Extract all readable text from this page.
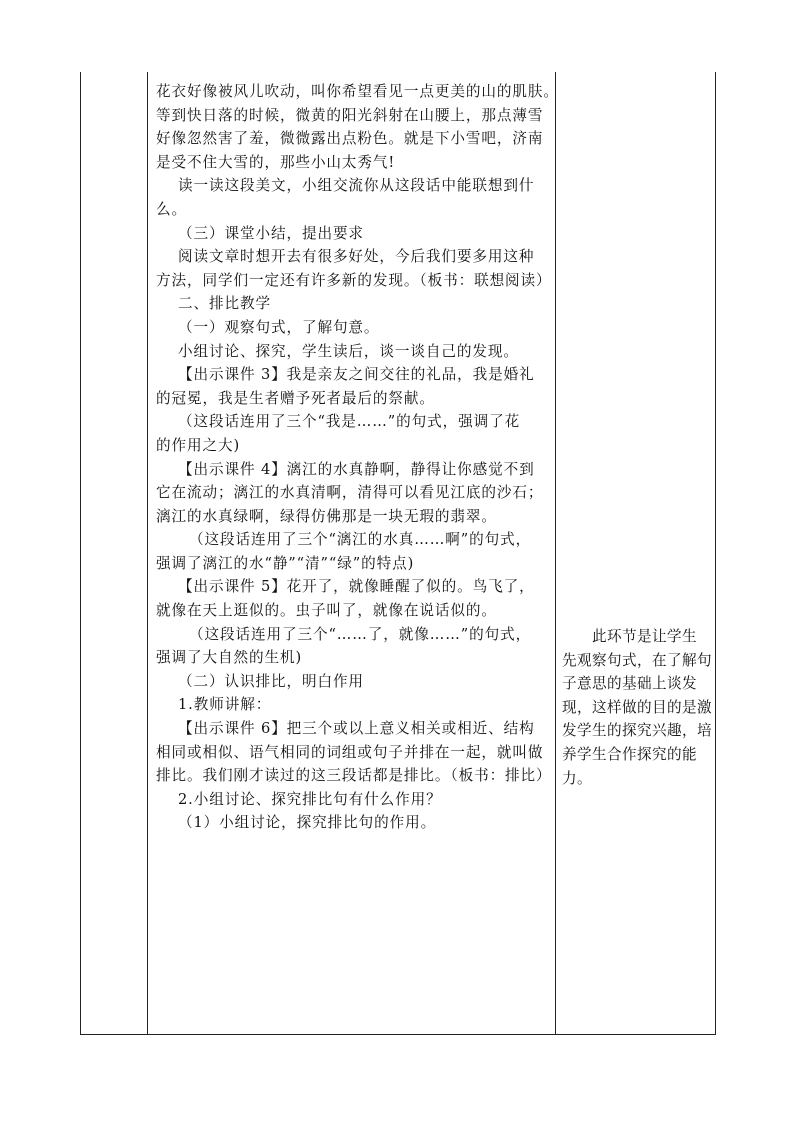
花衣好像被风儿吹动，叫你希望看见一点更美的山的肌肤。
等到快日落的时候，微黄的阳光斜射在山腰上，那点薄雪
好像忽然害了羞，微微露出点粉色。就是下小雪吧，济南
是受不住大雪的，那些小山太秀气!
读一读这段美文，小组交流你从这段话中能联想到什
么。
（三）课堂小结，提出要求
阅读文章时想开去有很多好处，今后我们要多用这种
方法，同学们一定还有许多新的发现。（板书：联想阅读）
二、排比教学
（一）观察句式，了解句意。
小组讨论、探究，学生读后，谈一谈自己的发现。
【出示课件 3】我是亲友之间交往的礼品，我是婚礼
的冠冕，我是生者赠予死者最后的祭献。
（这段话连用了三个“我是……”的句式，强调了花
的作用之大)
【出示课件 4】漓江的水真静啊，静得让你感觉不到
它在流动；漓江的水真清啊，清得可以看见江底的沙石；
漓江的水真绿啊，绿得仿佛那是一块无瑕的翡翠。
（这段话连用了三个“漓江的水真……啊”的句式，
强调了漓江的水“静”“清”“绿”的特点)
【出示课件 5】花开了，就像睡醒了似的。鸟飞了，
就像在天上逛似的。虫子叫了，就像在说话似的。
（这段话连用了三个“……了，就像……”的句式，
强调了大自然的生机)
（二）认识排比，明白作用
1.教师讲解：
【出示课件 6】把三个或以上意义相关或相近、结构
相同或相似、语气相同的词组或句子并排在一起，就叫做
排比。我们刚才读过的这三段话都是排比。（板书：排比）
2.小组讨论、探究排比句有什么作用？
（1）小组讨论，探究排比句的作用。
　　此环节是让学生
先观察句式，在了解句
子意思的基础上谈发
现，这样做的目的是激
发学生的探究兴趣，培
养学生合作探究的能
力。
